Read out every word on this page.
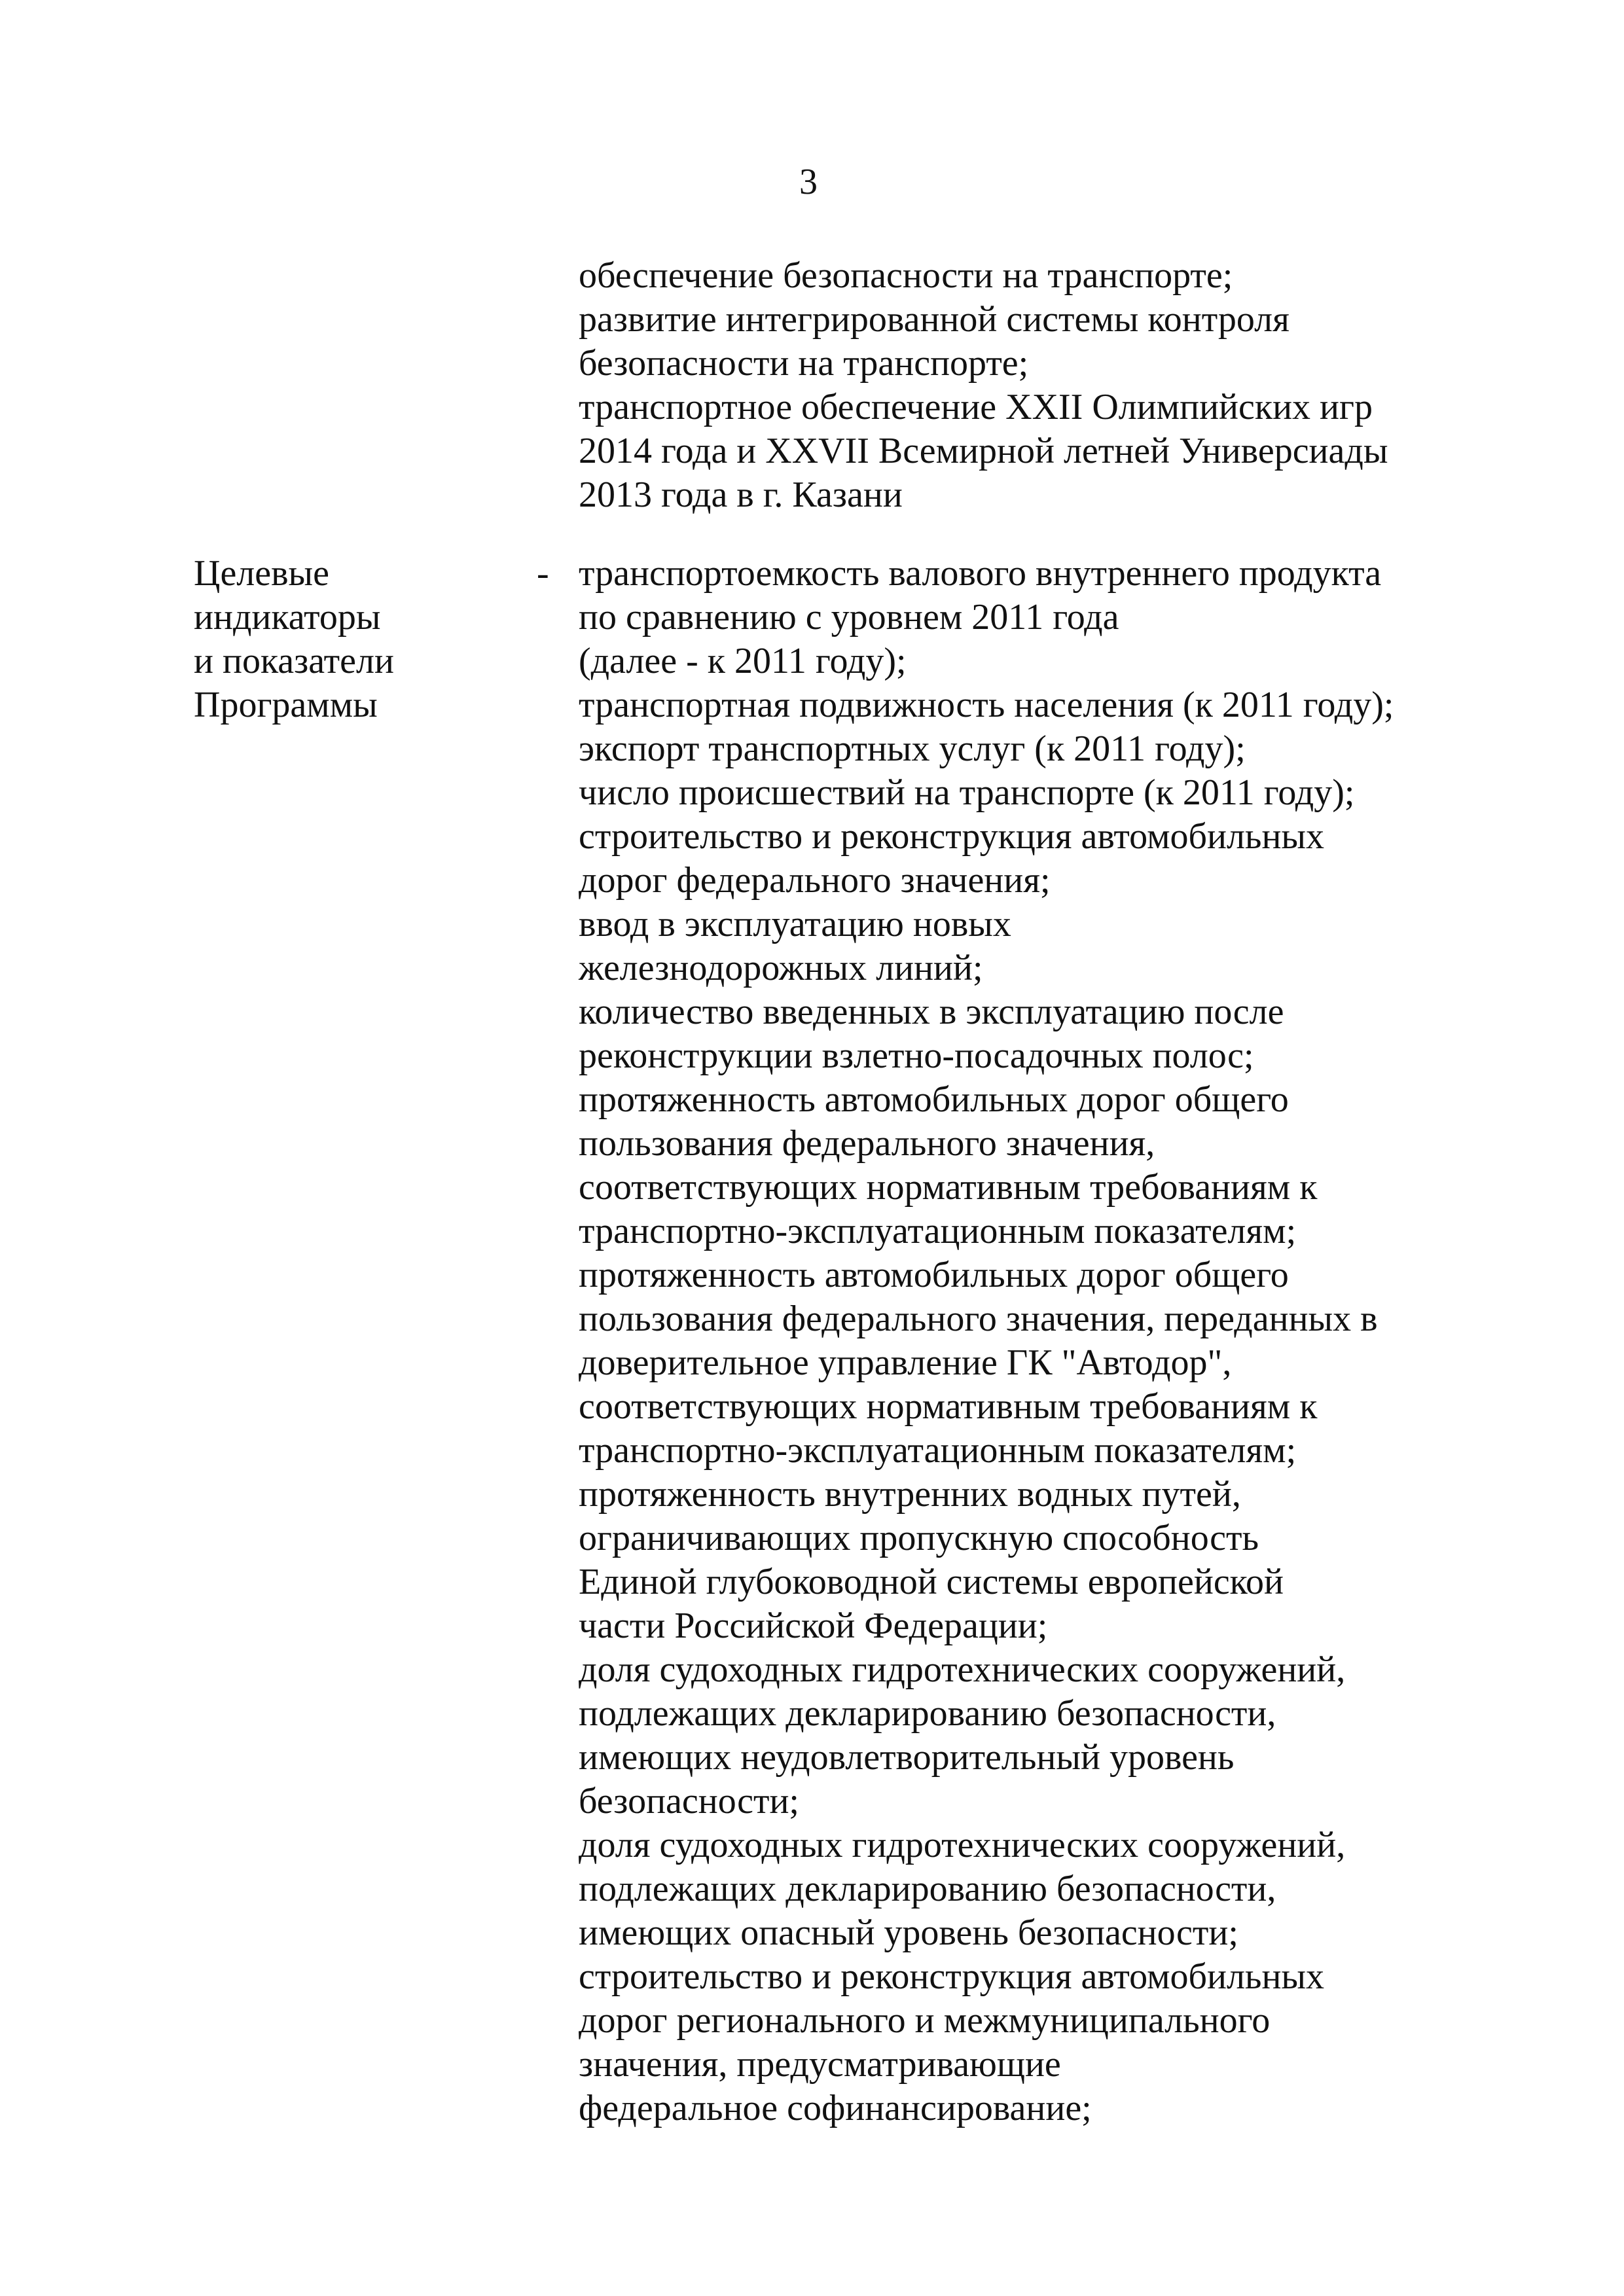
3
обеспечение безопасности на транспорте;
развитие интегрированной системы контроля
безопасности на транспорте;
транспортное обеспечение XXII Олимпийских игр
2014 года и XXVII Всемирной летней Универсиады
2013 года в г. Казани
Целевые
индикаторы
и показатели
Программы
- транспортоемкость валового внутреннего продукта
по сравнению с уровнем 2011 года
(далее - к 2011 году);
транспортная подвижность населения (к 2011 году);
экспорт транспортных услуг (к 2011 году);
число происшествий на транспорте (к 2011 году);
строительство и реконструкция автомобильных
дорог федерального значения;
ввод в эксплуатацию новых
железнодорожных линий;
количество введенных в эксплуатацию после
реконструкции взлетно-посадочных полос;
протяженность автомобильных дорог общего
пользования федерального значения,
соответствующих нормативным требованиям к
транспортно-эксплуатационным показателям;
протяженность автомобильных дорог общего
пользования федерального значения, переданных в
доверительное управление ГК "Автодор",
соответствующих нормативным требованиям к
транспортно-эксплуатационным показателям;
протяженность внутренних водных путей,
ограничивающих пропускную способность
Единой глубоководной системы европейской
части Российской Федерации;
доля судоходных гидротехнических сооружений,
подлежащих декларированию безопасности,
имеющих неудовлетворительный уровень
безопасности;
доля судоходных гидротехнических сооружений,
подлежащих декларированию безопасности,
имеющих опасный уровень безопасности;
строительство и реконструкция автомобильных
дорог регионального и межмуниципального
значения, предусматривающие
федеральное софинансирование;
